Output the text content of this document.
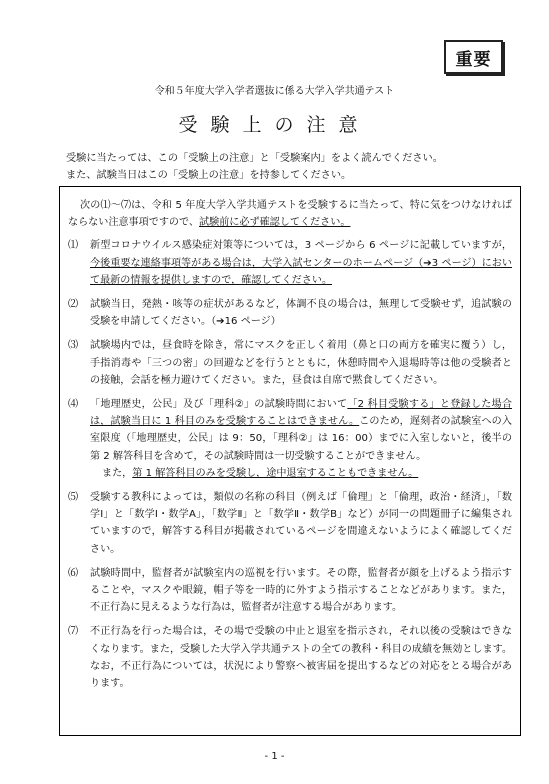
重要
令和５年度大学入学者選抜に係る大学入学共通テスト
受験上の注意
受験に当たっては、この「受験上の注意」と「受験案内」をよく読んでください。
また、試験当日はこの「受験上の注意」を持参してください。

次の⑴～⑺は、令和 5 年度大学入学共通テストを受験するに当たって、特に気をつけなければならない注意事項ですので、試験前に必ず確認してください。

⑴	新型コロナウイルス感染症対策等については，3 ページから 6 ページに記載していますが，今後重要な連絡事項等がある場合は，大学入試センターのホームページ（➔3 ページ）において最新の情報を提供しますので，確認してください。
⑵	試験当日，発熱・咳等の症状があるなど，体調不良の場合は，無理して受験せず，追試験の受験を申請してください。（➔16 ページ）
⑶	試験場内では，昼食時を除き，常にマスクを正しく着用（鼻と口の両方を確実に覆う）し，手指消毒や「三つの密」の回避などを行うとともに，休憩時間や入退場時等は他の受験者との接触，会話を極力避けてください。また，昼食は自席で黙食してください。
⑷	「地理歴史，公民」及び「理科②」の試験時間において「2 科目受験する」と登録した場合は，試験当日に 1 科目のみを受験することはできません。このため，遅刻者の試験室への入室限度（「地理歴史，公民」は 9：50，「理科②」は 16：00）までに入室しないと，後半の第 2 解答科目を含めて，その試験時間は一切受験することができません。
また，第 1 解答科目のみを受験し，途中退室することもできません。
⑸	受験する教科によっては，類似の名称の科目（例えば「倫理」と「倫理，政治・経済」，「数学Ⅰ」と「数学Ⅰ・数学A」，「数学Ⅱ」と「数学Ⅱ・数学B」など）が同一の問題冊子に編集されていますので，解答する科目が掲載されているページを間違えないようによく確認してください。
⑹	試験時間中，監督者が試験室内の巡視を行います。その際，監督者が顔を上げるよう指示することや，マスクや眼鏡，帽子等を一時的に外すよう指示することなどがあります。また，不正行為に見えるような行為は，監督者が注意する場合があります。
⑺	不正行為を行った場合は，その場で受験の中止と退室を指示され，それ以後の受験はできなくなります。また，受験した大学入学共通テストの全ての教科・科目の成績を無効とします。なお，不正行為については，状況により警察へ被害届を提出するなどの対応をとる場合があります。
- 1 -
